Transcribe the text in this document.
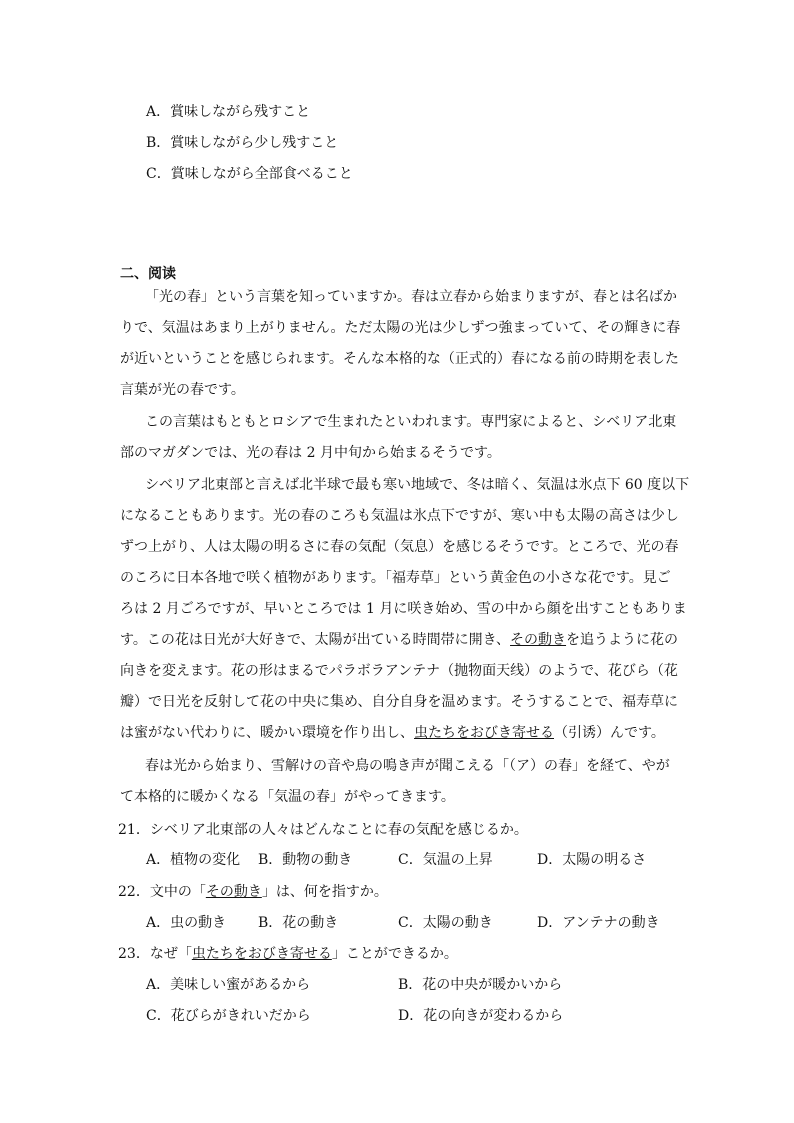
A．賞味しながら残すこと
B．賞味しながら少し残すこと
C．賞味しながら全部食べること
二、阅读
「光の春」という言葉を知っていますか。春は立春から始まりますが、春とは名ばか
りで、気温はあまり上がりません。ただ太陽の光は少しずつ強まっていて、その輝きに春
が近いということを感じられます。そんな本格的な（正式的）春になる前の時期を表した
言葉が光の春です。
この言葉はもともとロシアで生まれたといわれます。専門家によると、シベリア北東
部のマガダンでは、光の春は 2 月中旬から始まるそうです。
シベリア北東部と言えば北半球で最も寒い地域で、冬は暗く、気温は氷点下 60 度以下
になることもあります。光の春のころも気温は氷点下ですが、寒い中も太陽の高さは少し
ずつ上がり、人は太陽の明るさに春の気配（気息）を感じるそうです。ところで、光の春
のころに日本各地で咲く植物があります。「福寿草」という黄金色の小さな花です。見ご
ろは 2 月ごろですが、早いところでは 1 月に咲き始め、雪の中から顔を出すこともありま
す。この花は日光が大好きで、太陽が出ている時間帯に開き、その動きを追うように花の
向きを変えます。花の形はまるでパラボラアンテナ（抛物面天线）のようで、花びら（花
瓣）で日光を反射して花の中央に集め、自分自身を温めます。そうすることで、福寿草に
は蜜がない代わりに、暖かい環境を作り出し、虫たちをおびき寄せる（引诱）んです。
春は光から始まり、雪解けの音や鳥の鳴き声が聞こえる「（ア）の春」を経て、やが
て本格的に暖かくなる「気温の春」がやってきます。
21．シベリア北東部の人々はどんなことに春の気配を感じるか。
A．植物の変化 B．動物の動き	C．気温の上昇	D．太陽の明るさ
22．文中の「その動き」は、何を指すか。
A．虫の動き B．花の動き	C．太陽の動き	D．アンテナの動き
23．なぜ「虫たちをおびき寄せる」ことができるか。
A．美味しい蜜があるから	B．花の中央が暖かいから
C．花びらがきれいだから	D．花の向きが変わるから
